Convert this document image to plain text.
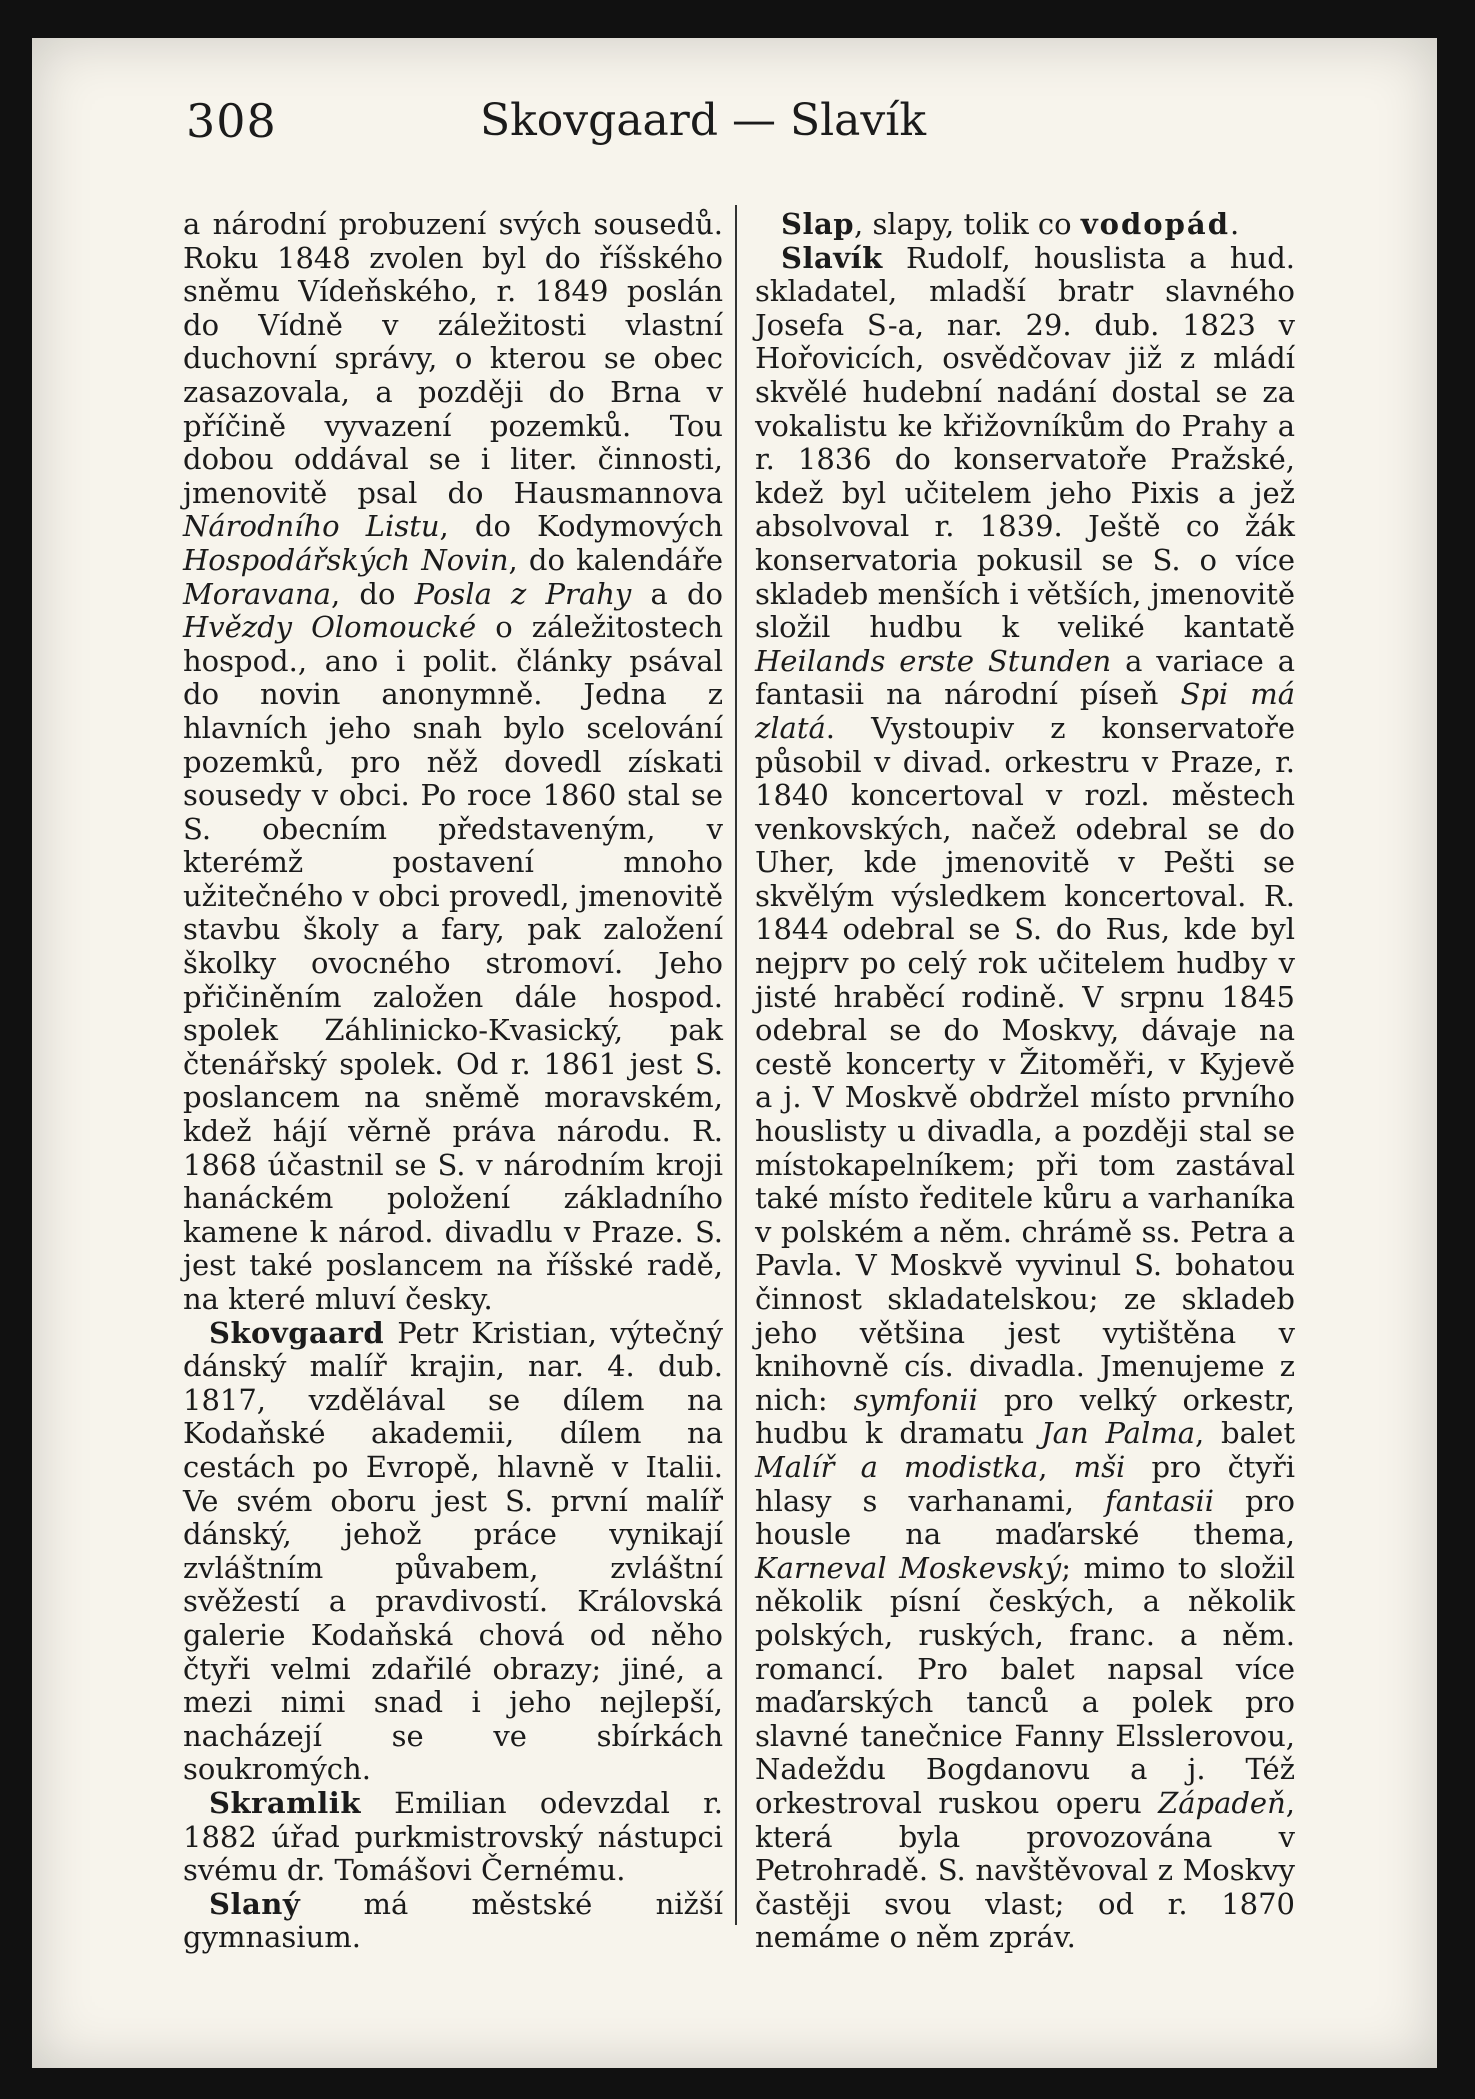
308	Skovgaard — Slavík

a národní probuzení svých sousedů. Roku 1848 zvolen byl do říšského sněmu Vídeňského, r. 1849 poslán do Vídně v záležitosti vlastní duchovní správy, o kterou se obec zasazovala, a později do Brna v příčině vyvazení pozemků. Tou dobou oddával se i liter. činnosti, jmenovitě psal do Hausmannova Národního Listu, do Kodymových Hospodářských Novin, do kalendáře Moravana, do Posla z Prahy a do Hvězdy Olomoucké o záležitostech hospod., ano i polit. články psával do novin anonymně. Jedna z hlavních jeho snah bylo scelování pozemků, pro něž dovedl získati sousedy v obci. Po roce 1860 stal se S. obecním představeným, v kterémž postavení mnoho užitečného v obci provedl, jmenovitě stavbu školy a fary, pak založení školky ovocného stromoví. Jeho přičiněním založen dále hospod. spolek Záhlinicko-Kvasický, pak čtenářský spolek. Od r. 1861 jest S. poslancem na sněmě moravském, kdež hájí věrně práva národu. R. 1868 účastnil se S. v národním kroji hanáckém položení základního kamene k národ. divadlu v Praze. S. jest také poslancem na říšské radě, na které mluví česky.

Skovgaard Petr Kristian, výtečný dánský malíř krajin, nar. 4. dub. 1817, vzdělával se dílem na Kodaňské akademii, dílem na cestách po Evropě, hlavně v Italii. Ve svém oboru jest S. první malíř dánský, jehož práce vynikají zvláštním půvabem, zvláštní svěžestí a pravdivostí. Královská galerie Kodaňská chová od něho čtyři velmi zdařilé obrazy; jiné, a mezi nimi snad i jeho nejlepší, nacházejí se ve sbírkách soukromých.

Skramlik Emilian odevzdal r. 1882 úřad purkmistrovský nástupci svému dr. Tomášovi Černému.

Slaný má městské nižší gymnasium.

Slap, slapy, tolik co vodopád.

Slavík Rudolf, houslista a hud. skladatel, mladší bratr slavného Josefa S-a, nar. 29. dub. 1823 v Hořovicích, osvědčovav již z mládí skvělé hudební nadání dostal se za vokalistu ke křižovníkům do Prahy a r. 1836 do konservatoře Pražské, kdež byl učitelem jeho Pixis a jež absolvoval r. 1839. Ještě co žák konservatoria pokusil se S. o více skladeb menších i větších, jmenovitě složil hudbu k veliké kantatě Heilands erste Stunden a variace a fantasii na národní píseň Spi má zlatá. Vystoupiv z konservatoře působil v divad. orkestru v Praze, r. 1840 koncertoval v rozl. městech venkovských, načež odebral se do Uher, kde jmenovitě v Pešti se skvělým výsledkem koncertoval. R. 1844 odebral se S. do Rus, kde byl nejprv po celý rok učitelem hudby v jisté hraběcí rodině. V srpnu 1845 odebral se do Moskvy, dávaje na cestě koncerty v Žitoměři, v Kyjevě a j. V Moskvě obdržel místo prvního houslisty u divadla, a později stal se místokapelníkem; při tom zastával také místo ředitele kůru a varhaníka v polském a něm. chrámě ss. Petra a Pavla. V Moskvě vyvinul S. bohatou činnost skladatelskou; ze skladeb jeho většina jest vytištěna v knihovně cís. divadla. Jmenujeme z nich: symfonii pro velký orkestr, hudbu k dramatu Jan Palma, balet Malíř a modistka, mši pro čtyři hlasy s varhanami, fantasii pro housle na maďarské thema, Karneval Moskevský; mimo to složil několik písní českých, a několik polských, ruských, franc. a něm. romancí. Pro balet napsal více maďarských tanců a polek pro slavné tanečnice Fanny Elsslerovou, Nadeždu Bogdanovu a j. Též orkestroval ruskou operu Západeň, která byla provozována v Petrohradě. S. navštěvoval z Moskvy častěji svou vlast; od r. 1870 nemáme o něm zpráv.
